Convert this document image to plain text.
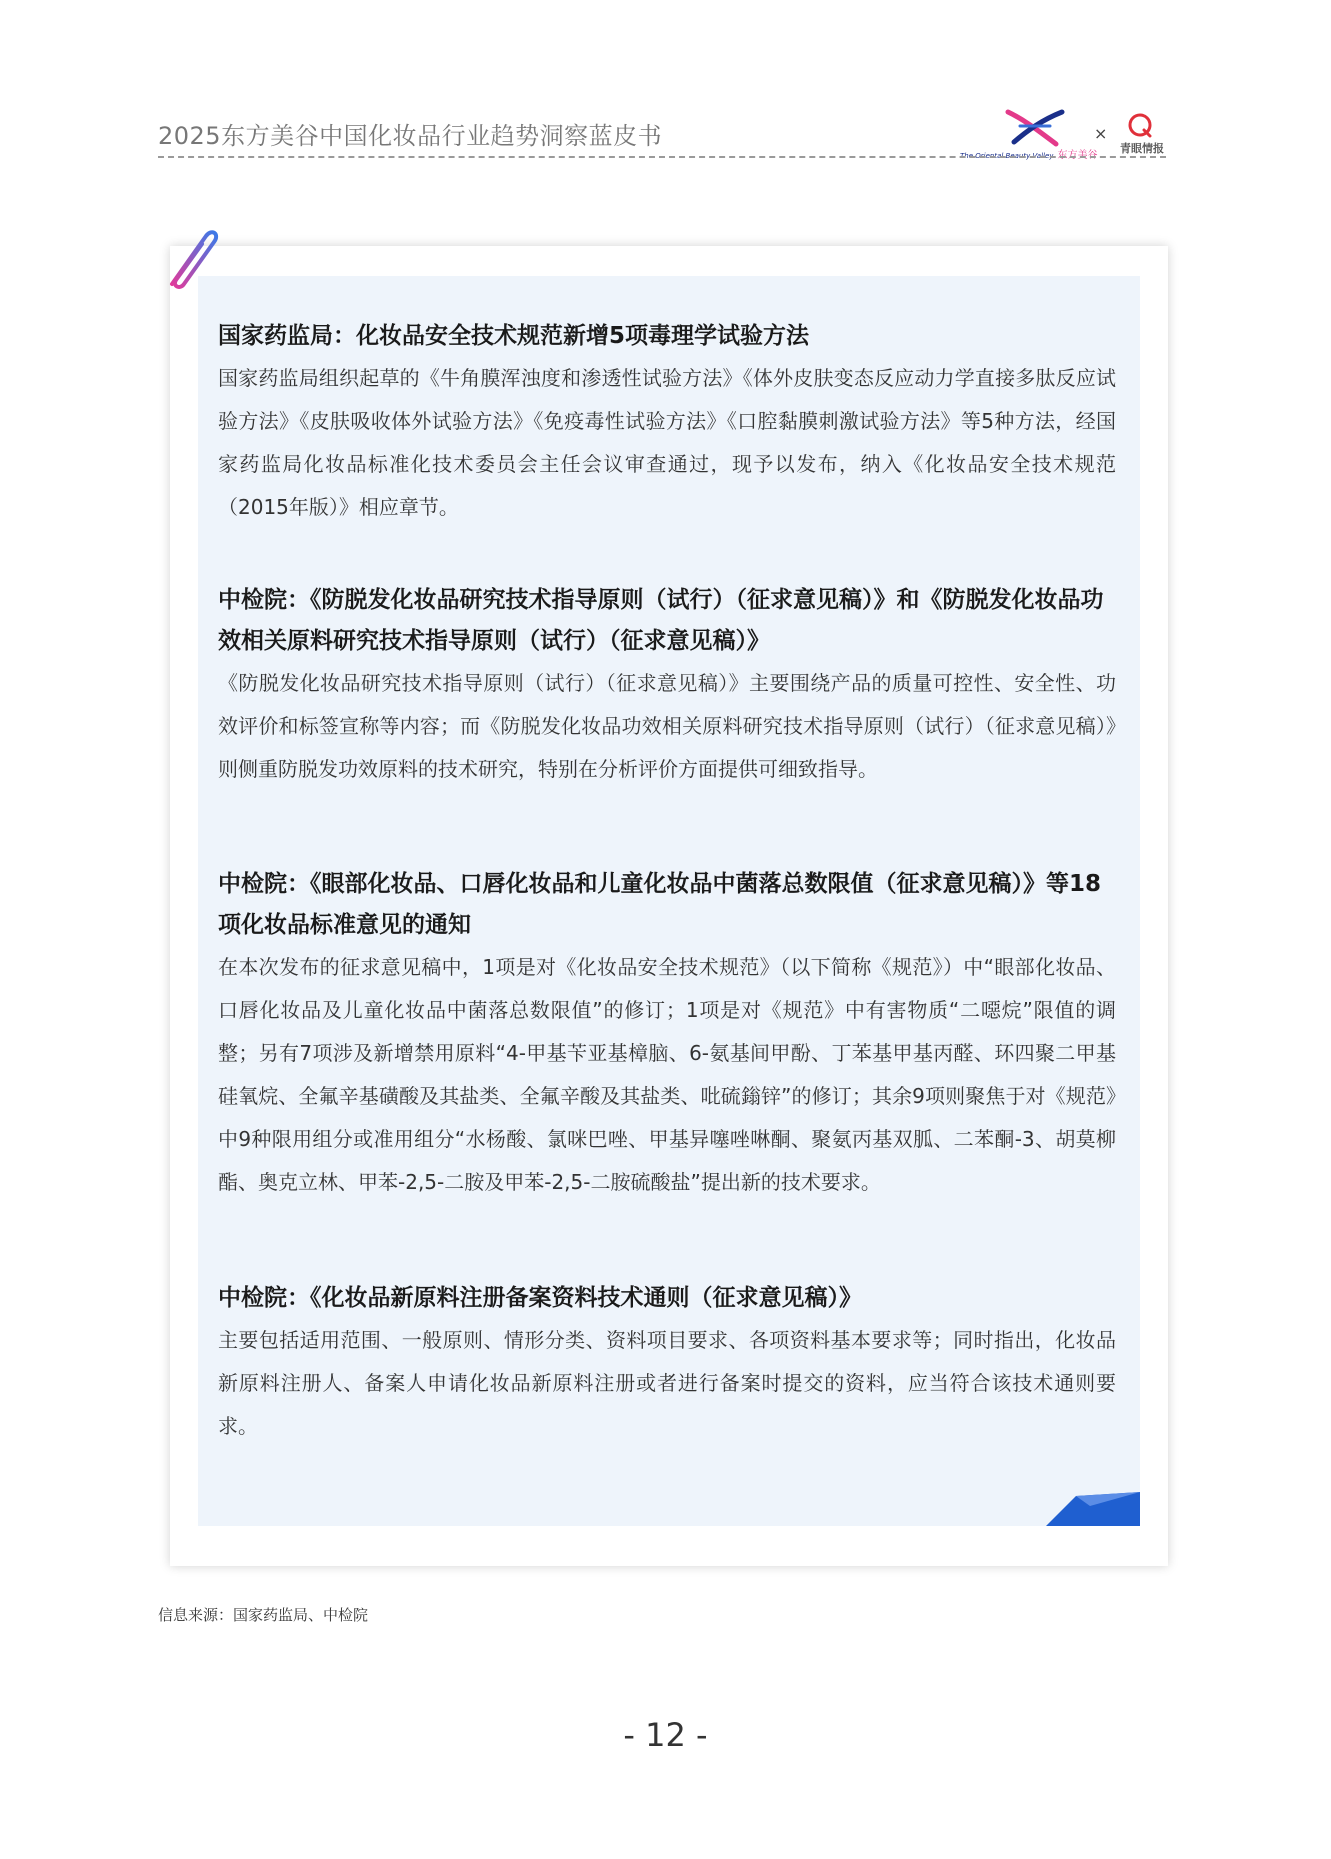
2025东方美谷中国化妆品行业趋势洞察蓝皮书
The Oriental Beauty Valley 东方美谷
×
青眼情报

国家药监局：化妆品安全技术规范新增5项毒理学试验方法

国家药监局组织起草的《牛角膜浑浊度和渗透性试验方法》《体外皮肤变态反应动力学直接多肽反应试验方法》《皮肤吸收体外试验方法》《免疫毒性试验方法》《口腔黏膜刺激试验方法》等5种方法，经国家药监局化妆品标准化技术委员会主任会议审查通过，现予以发布，纳入《化妆品安全技术规范（2015年版）》相应章节。

中检院：《防脱发化妆品研究技术指导原则（试行）（征求意见稿）》和《防脱发化妆品功效相关原料研究技术指导原则（试行）（征求意见稿）》

《防脱发化妆品研究技术指导原则（试行）（征求意见稿）》主要围绕产品的质量可控性、安全性、功效评价和标签宣称等内容；而《防脱发化妆品功效相关原料研究技术指导原则（试行）（征求意见稿）》则侧重防脱发功效原料的技术研究，特别在分析评价方面提供可细致指导。

中检院：《眼部化妆品、口唇化妆品和儿童化妆品中菌落总数限值（征求意见稿）》等18项化妆品标准意见的通知

在本次发布的征求意见稿中，1项是对《化妆品安全技术规范》（以下简称《规范》）中“眼部化妆品、口唇化妆品及儿童化妆品中菌落总数限值”的修订；1项是对《规范》中有害物质“二噁烷”限值的调整；另有7项涉及新增禁用原料“4-甲基苄亚基樟脑、6-氨基间甲酚、丁苯基甲基丙醛、环四聚二甲基硅氧烷、全氟辛基磺酸及其盐类、全氟辛酸及其盐类、吡硫鎓锌”的修订；其余9项则聚焦于对《规范》中9种限用组分或准用组分“水杨酸、氯咪巴唑、甲基异噻唑啉酮、聚氨丙基双胍、二苯酮-3、胡莫柳酯、奥克立林、甲苯-2,5-二胺及甲苯-2,5-二胺硫酸盐”提出新的技术要求。

中检院：《化妆品新原料注册备案资料技术通则（征求意见稿）》

主要包括适用范围、一般原则、情形分类、资料项目要求、各项资料基本要求等；同时指出，化妆品新原料注册人、备案人申请化妆品新原料注册或者进行备案时提交的资料，应当符合该技术通则要求。

信息来源：国家药监局、中检院
- 12 -
